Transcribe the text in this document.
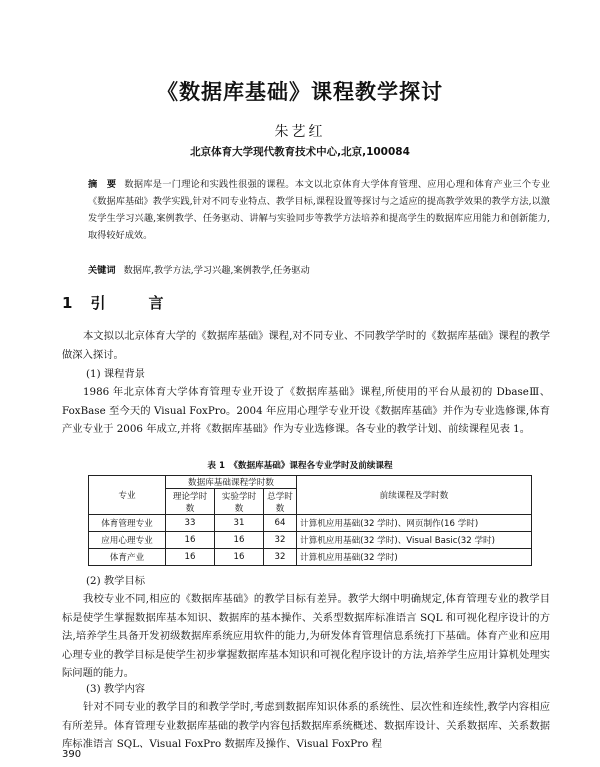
《数据库基础》课程教学探讨
朱艺红
北京体育大学现代教育技术中心,北京,100084
摘　要 数据库是一门理论和实践性很强的课程。本文以北京体育大学体育管理、应用心理和体育产业三个专业《数据库基础》教学实践,针对不同专业特点、教学目标,课程设置等探讨与之适应的提高教学效果的教学方法,以激发学生学习兴趣,案例教学、任务驱动、讲解与实验同步等教学方法培养和提高学生的数据库应用能力和创新能力,取得较好成效。
关键词 数据库,教学方法,学习兴趣,案例教学,任务驱动
1 引　言
本文拟以北京体育大学的《数据库基础》课程,对不同专业、不同教学学时的《数据库基础》课程的教学做深入探讨。
(1) 课程背景
1986 年北京体育大学体育管理专业开设了《数据库基础》课程,所使用的平台从最初的 DbaseⅢ、FoxBase 至今天的 Visual FoxPro。2004 年应用心理学专业开设《数据库基础》并作为专业选修课,体育产业专业于 2006 年成立,并将《数据库基础》作为专业选修课。各专业的教学计划、前续课程见表 1。
表 1　《数据库基础》课程各专业学时及前续课程
专业	数据库基础课程学时数			前续课程及学时数
	理论学时数	实验学时数	总学时数	
体育管理专业	33	31	64	计算机应用基础(32 学时)、网页制作(16 学时)
应用心理专业	16	16	32	计算机应用基础(32 学时)、Visual Basic(32 学时)
体育产业	16	16	32	计算机应用基础(32 学时)
(2) 教学目标
我校专业不同,相应的《数据库基础》的教学目标有差异。教学大纲中明确规定,体育管理专业的教学目标是使学生掌握数据库基本知识、数据库的基本操作、关系型数据库标准语言 SQL 和可视化程序设计的方法,培养学生具备开发初级数据库系统应用软件的能力,为研发体育管理信息系统打下基础。体育产业和应用心理专业的教学目标是使学生初步掌握数据库基本知识和可视化程序设计的方法,培养学生应用计算机处理实际问题的能力。
(3) 教学内容
针对不同专业的教学目的和教学学时,考虑到数据库知识体系的系统性、层次性和连续性,教学内容相应有所差异。体育管理专业数据库基础的教学内容包括数据库系统概述、数据库设计、关系数据库、关系数据库标准语言 SQL、Visual FoxPro 数据库及操作、Visual FoxPro 程
390
